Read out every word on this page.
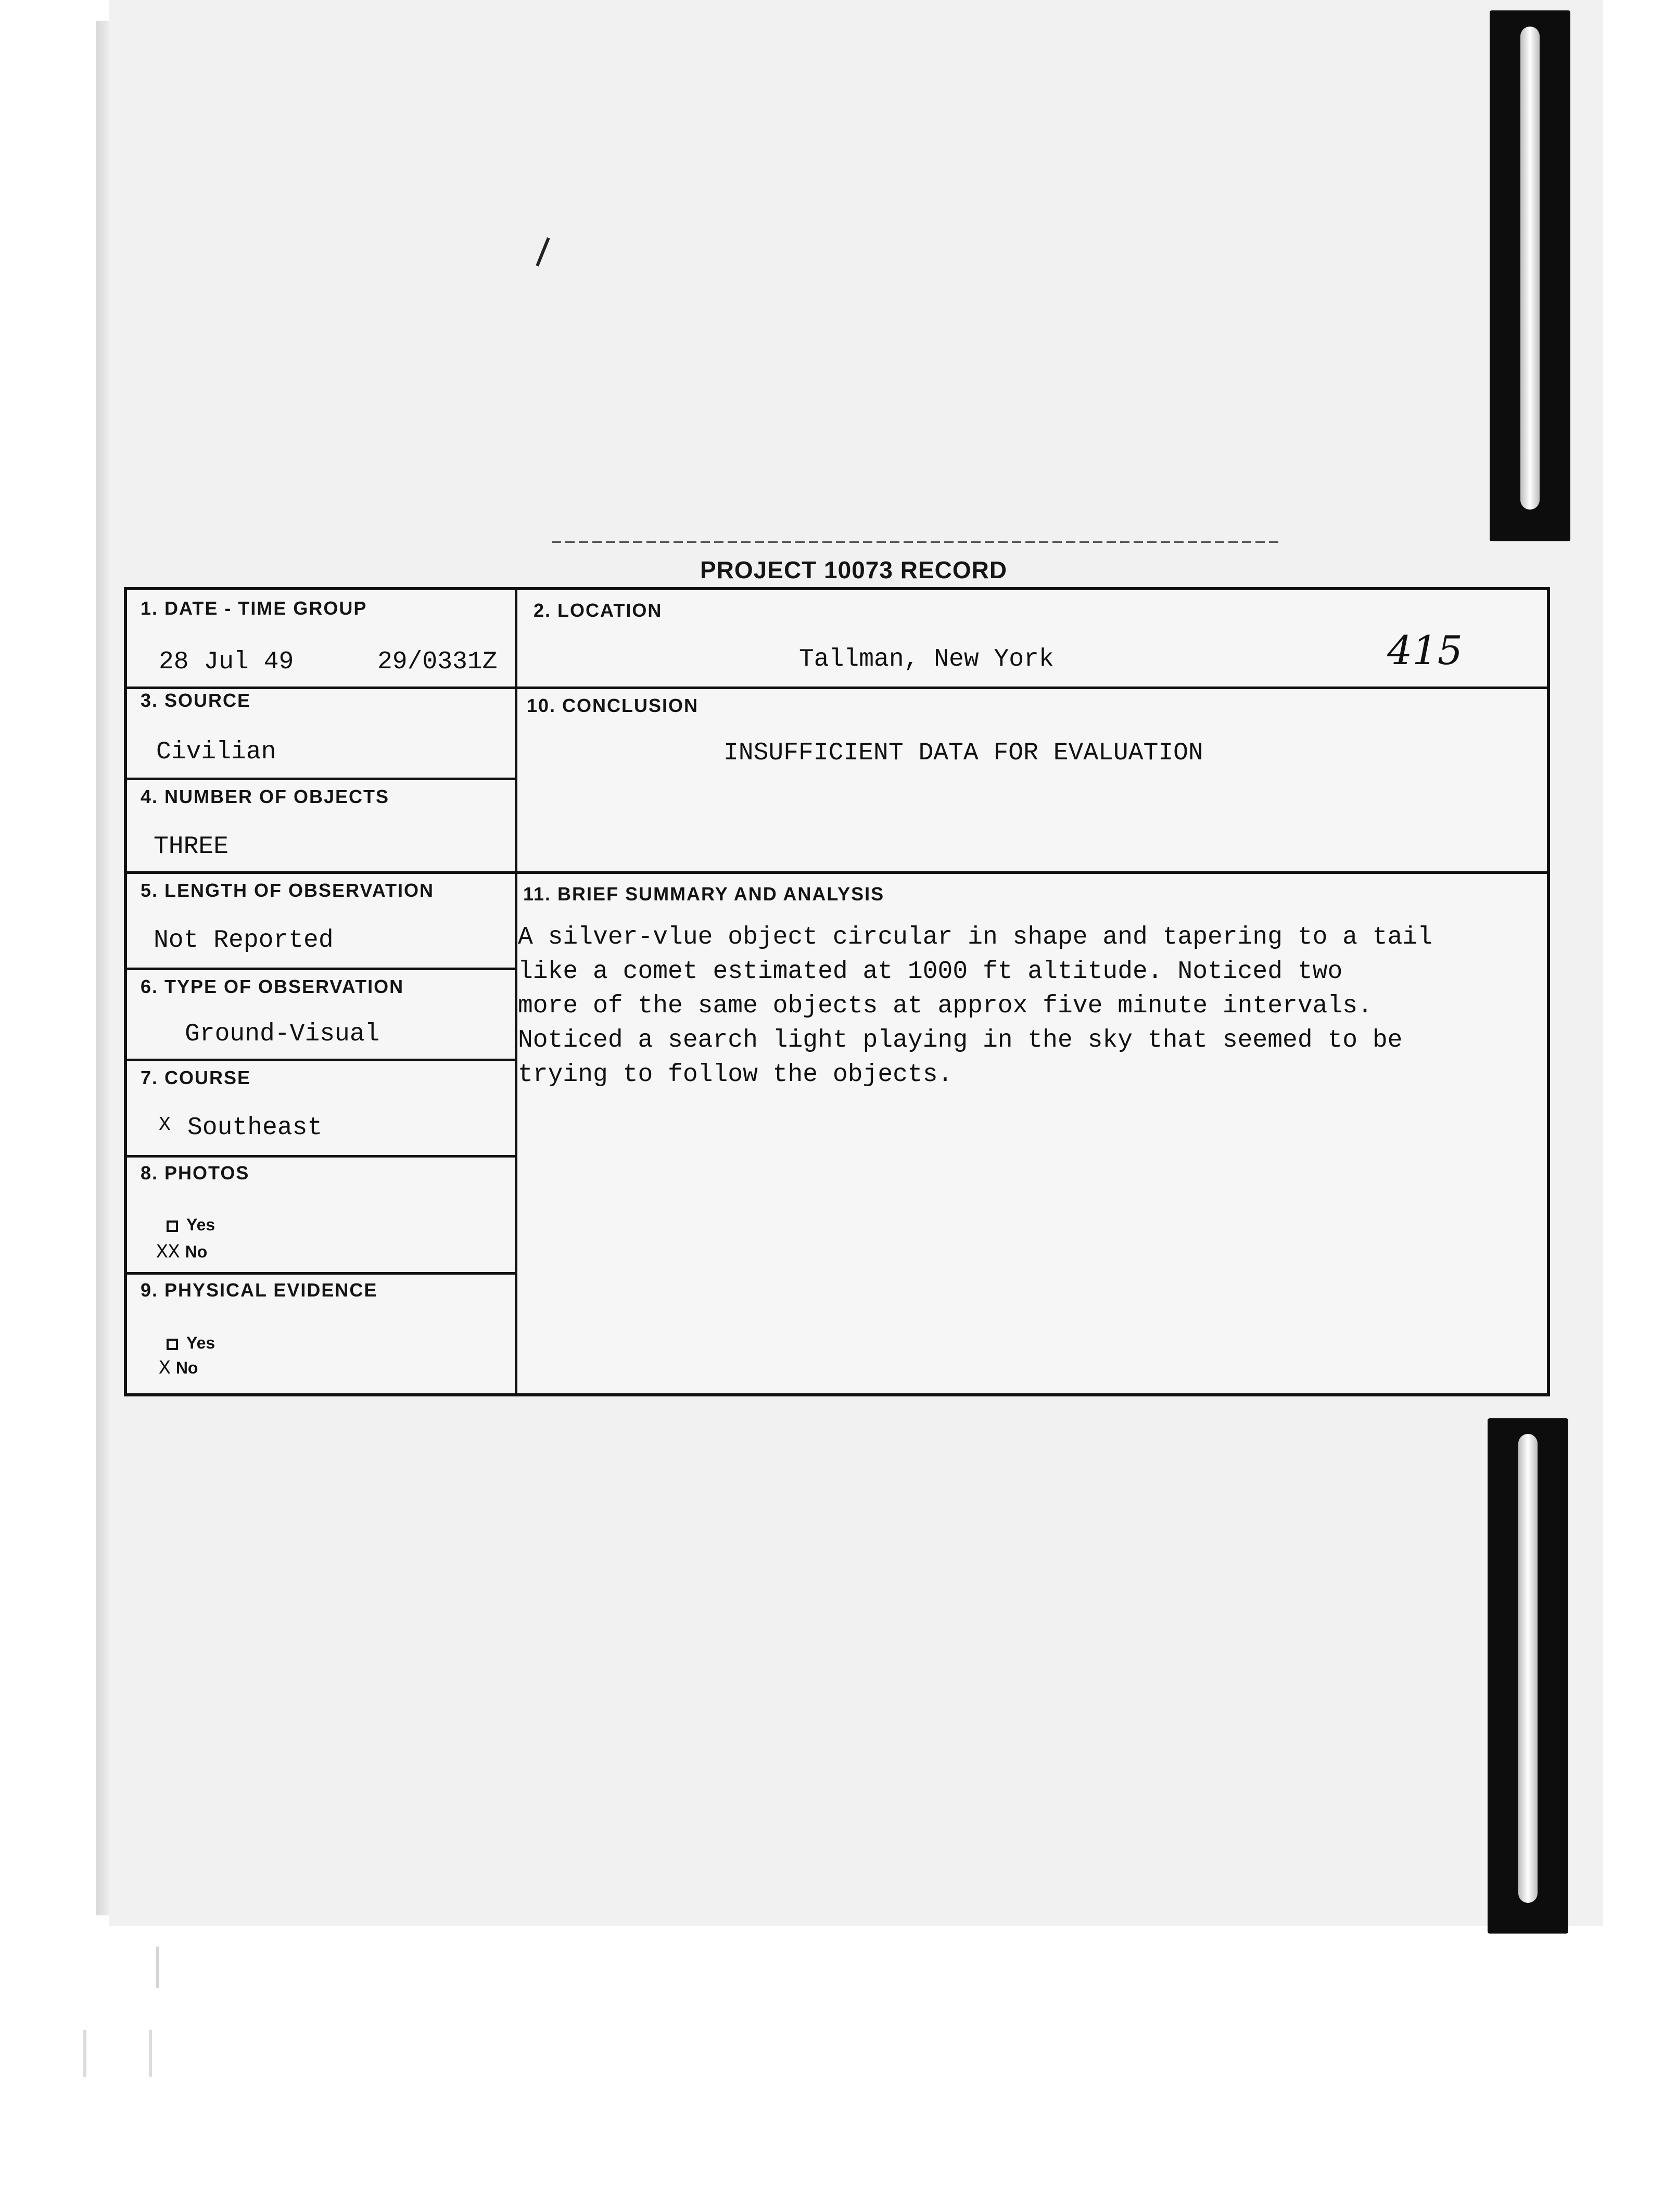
PROJECT 10073 RECORD
1. DATE - TIME GROUP
28 Jul 49	29/0331Z
2. LOCATION
Tallman, New York	415
3. SOURCE
Civilian
10. CONCLUSION
INSUFFICIENT DATA FOR EVALUATION
4. NUMBER OF OBJECTS
THREE
5. LENGTH OF OBSERVATION
Not Reported
11. BRIEF SUMMARY AND ANALYSIS
A silver-vlue object circular in shape and tapering to a tail
like a comet estimated at 1000 ft altitude. Noticed two
more of the same objects at approx five minute intervals.
Noticed a search light playing in the sky that seemed to be
trying to follow the objects.
6. TYPE OF OBSERVATION
Ground-Visual
7. COURSE
X Southeast
8. PHOTOS
Yes
XX No
9. PHYSICAL EVIDENCE
Yes
X No
